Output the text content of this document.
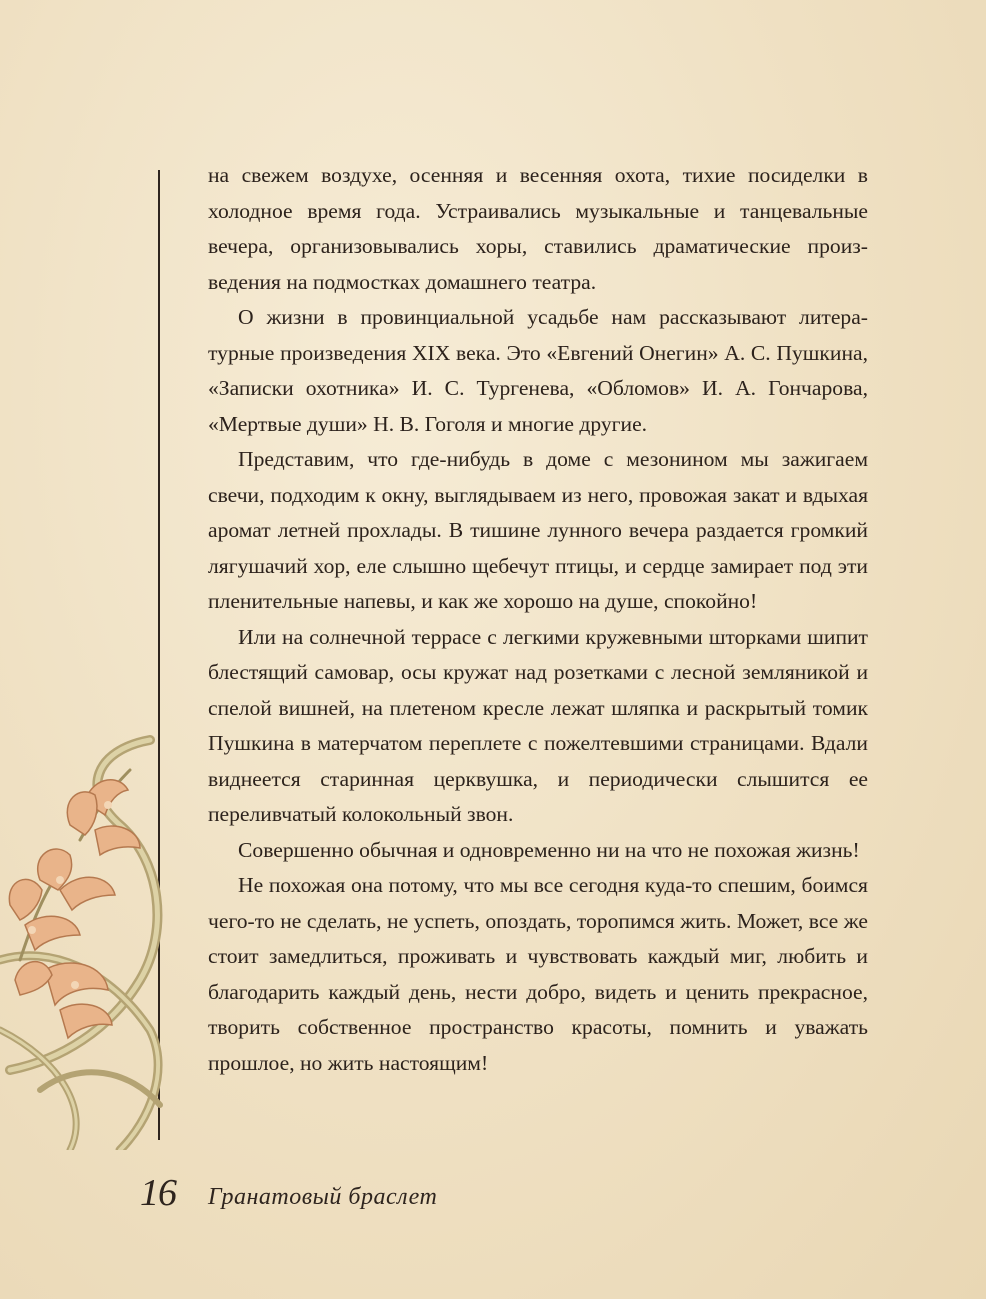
на свежем воздухе, осенняя и весенняя охота, тихие посиделки в холодное время года. Устраивались музыкальные и танцевальные вечера, организовывались хоры, ставились драматические произведения на подмостках домашнего театра.

О жизни в провинциальной усадьбе нам рассказывают литературные произведения XIX века. Это «Евгений Онегин» А. С. Пушкина, «Записки охотника» И. С. Тургенева, «Обломов» И. А. Гончарова, «Мертвые души» Н. В. Гоголя и многие другие.

Представим, что где-нибудь в доме с мезонином мы зажигаем свечи, подходим к окну, выглядываем из него, провожая закат и вдыхая аромат летней прохлады. В тишине лунного вечера раздается громкий лягушачий хор, еле слышно щебечут птицы, и сердце замирает под эти пленительные напевы, и как же хорошо на душе, спокойно!

Или на солнечной террасе с легкими кружевными шторками шипит блестящий самовар, осы кружат над розетками с лесной земляникой и спелой вишней, на плетеном кресле лежат шляпка и раскрытый томик Пушкина в матерчатом переплете с пожелтевшими страницами. Вдали виднеется старинная церквушка, и периодически слышится ее переливчатый колокольный звон.

Совершенно обычная и одновременно ни на что не похожая жизнь!

Не похожая она потому, что мы все сегодня куда-то спешим, боимся чего-то не сделать, не успеть, опоздать, торопимся жить. Может, все же стоит замедлиться, проживать и чувствовать каждый миг, любить и благодарить каждый день, нести добро, видеть и ценить прекрасное, творить собственное пространство красоты, помнить и уважать прошлое, но жить настоящим!

16 Гранатовый браслет
